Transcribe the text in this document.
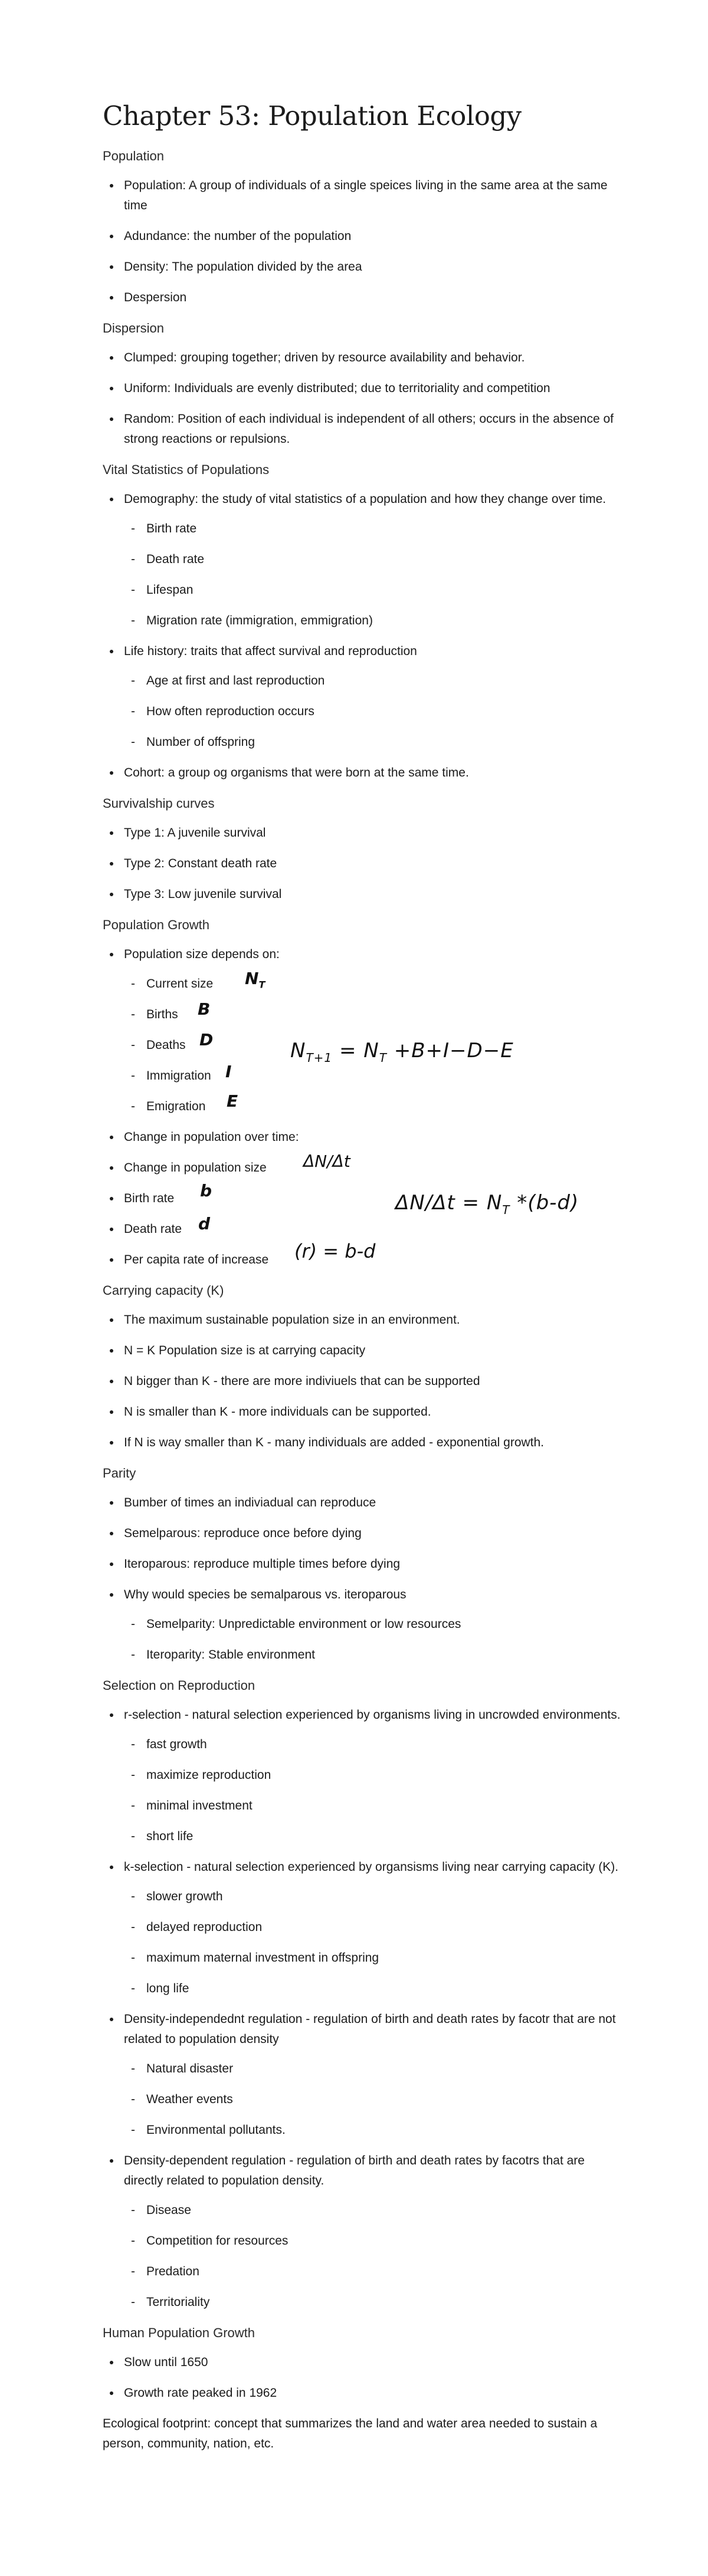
Chapter 53: Population Ecology
Population
Population: A group of individuals of a single speices living in the same area at the same time
Adundance: the number of the population
Density: The population divided by the area
Despersion
Dispersion
Clumped: grouping together; driven by resource availability and behavior.
Uniform: Individuals are evenly distributed; due to territoriality and competition
Random: Position of each individual is independent of all others; occurs in the absence of strong reactions or repulsions.
Vital Statistics of Populations
Demography: the study of vital statistics of a population and how they change over time.
- Birth rate
- Death rate
- Lifespan
- Migration rate (immigration, emmigration)
Life history: traits that affect survival and reproduction
- Age at first and last reproduction
- How often reproduction occurs
- Number of offspring
Cohort: a group og organisms that were born at the same time.
Survivalship curves
Type 1: A juvenile survival
Type 2: Constant death rate
Type 3: Low juvenile survival
Population Growth
Population size depends on:
- Current size $N_T$
- Births B
- Deaths D
- Immigration I
- Emigration E
Change in population over time:
Change in population size	ΔN/Δt
Birth rate	b
Death rate d
Per capita rate of increase	(r) = b-d
$N_{T+1} = N_T +B+I-D-E$
$\Delta N/\Delta t = N_T$ *(b-d)
Carrying capacity (K)
The maximum sustainable population size in an environment.
N = K Population size is at carrying capacity
N bigger than K - there are more indiviuels that can be supported
N is smaller than K - more individuals can be supported.
If N is way smaller than K - many individuals are added - exponential growth.
Parity
Bumber of times an indiviadual can reproduce
Semelparous: reproduce once before dying
Iteroparous: reproduce multiple times before dying
Why would species be semalparous vs. iteroparous
- Semelparity: Unpredictable environment or low resources
- Iteroparity: Stable environment
Selection on Reproduction
r-selection - natural selection experienced by organisms living in uncrowded environments.
- fast growth
- maximize reproduction
- minimal investment
- short life
k-selection - natural selection experienced by organsisms living near carrying capacity (K).
- slower growth
- delayed reproduction
- maximum maternal investment in offspring
- long life
Density-independednt regulation - regulation of birth and death rates by facotr that are not related to population density
- Natural disaster
- Weather events
- Environmental pollutants.
Density-dependent regulation - regulation of birth and death rates by facotrs that are directly related to population density.
- Disease
- Competition for resources
- Predation
- Territoriality
Human Population Growth
Slow until 1650
Growth rate peaked in 1962

Ecological footprint: concept that summarizes the land and water area needed to sustain a person, community, nation, etc.
